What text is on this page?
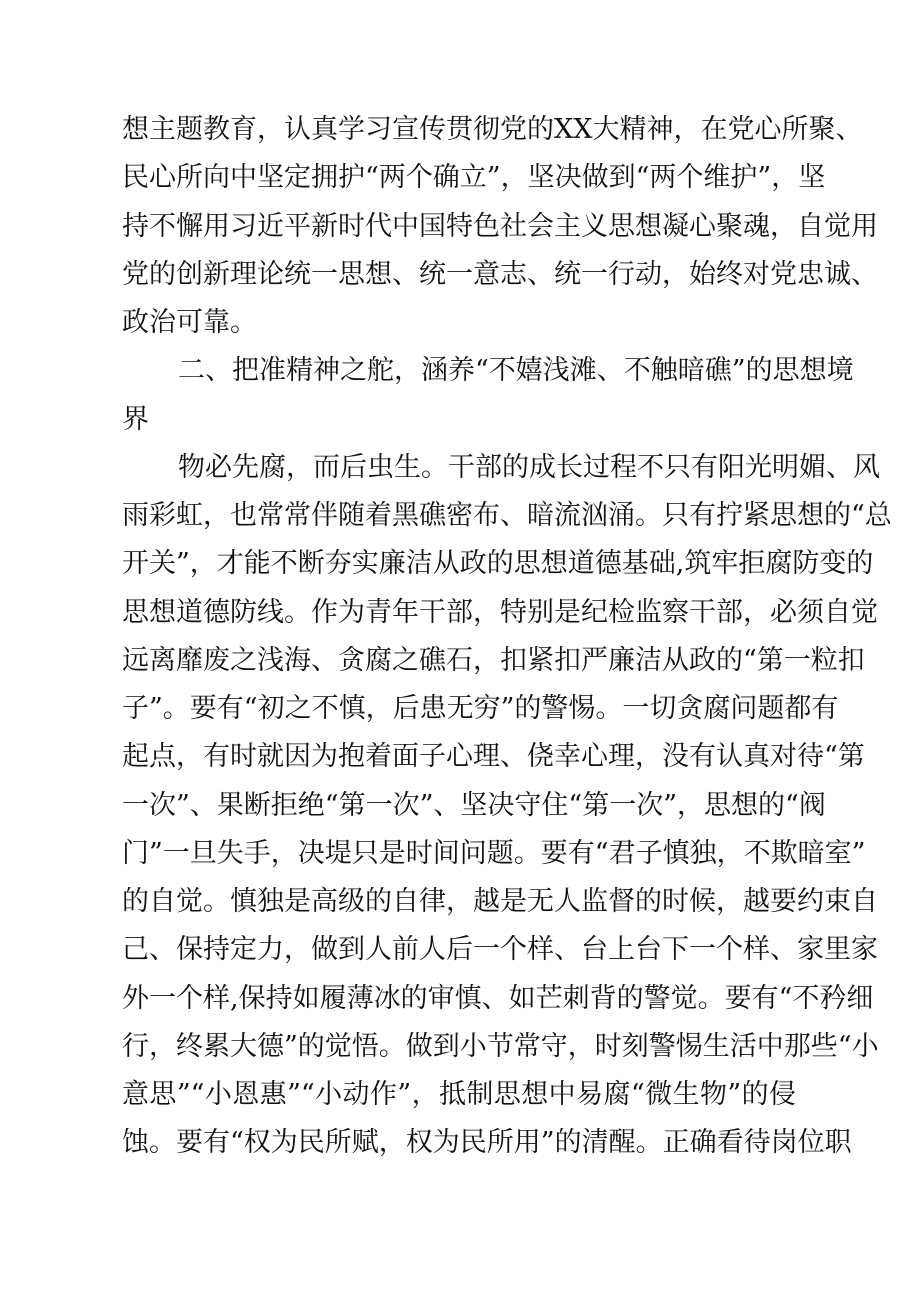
想主题教育，认真学习宣传贯彻党的XX大精神，在党心所聚、
民心所向中坚定拥护“两个确立”，坚决做到“两个维护”，坚
持不懈用习近平新时代中国特色社会主义思想凝心聚魂，自觉用
党的创新理论统一思想、统一意志、统一行动，始终对党忠诚、
政治可靠。
二、把准精神之舵，涵养“不嬉浅滩、不触暗礁”的思想境
界
物必先腐，而后虫生。干部的成长过程不只有阳光明媚、风
雨彩虹，也常常伴随着黑礁密布、暗流汹涌。只有拧紧思想的“总
开关”，才能不断夯实廉洁从政的思想道德基础,筑牢拒腐防变的
思想道德防线。作为青年干部，特别是纪检监察干部，必须自觉
远离靡废之浅海、贪腐之礁石，扣紧扣严廉洁从政的“第一粒扣
子”。要有“初之不慎，后患无穷”的警惕。一切贪腐问题都有
起点，有时就因为抱着面子心理、侥幸心理，没有认真对待“第
一次”、果断拒绝“第一次”、坚决守住“第一次”，思想的“阀
门”一旦失手，决堤只是时间问题。要有“君子慎独，不欺暗室”
的自觉。慎独是高级的自律，越是无人监督的时候，越要约束自
己、保持定力，做到人前人后一个样、台上台下一个样、家里家
外一个样,保持如履薄冰的审慎、如芒刺背的警觉。要有“不矜细
行，终累大德”的觉悟。做到小节常守，时刻警惕生活中那些“小
意思”“小恩惠”“小动作”，抵制思想中易腐“微生物”的侵
蚀。要有“权为民所赋，权为民所用”的清醒。正确看待岗位职
